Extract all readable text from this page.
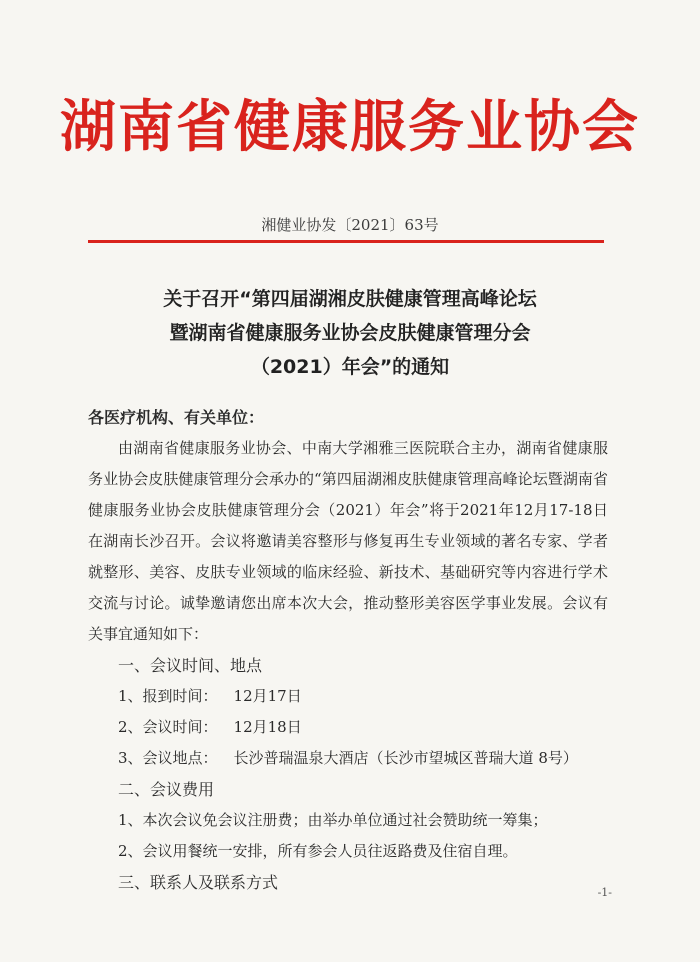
湖南省健康服务业协会
湘健业协发〔2021〕63号
关于召开“第四届湖湘皮肤健康管理高峰论坛
暨湖南省健康服务业协会皮肤健康管理分会
（2021）年会”的通知
各医疗机构、有关单位：

由湖南省健康服务业协会、中南大学湘雅三医院联合主办，湖南省健康服务业协会皮肤健康管理分会承办的“第四届湖湘皮肤健康管理高峰论坛暨湖南省健康服务业协会皮肤健康管理分会（2021）年会”将于2021年12月17-18日在湖南长沙召开。会议将邀请美容整形与修复再生专业领域的著名专家、学者就整形、美容、皮肤专业领域的临床经验、新技术、基础研究等内容进行学术交流与讨论。诚挚邀请您出席本次大会，推动整形美容医学事业发展。会议有关事宜通知如下：

一、会议时间、地点
1、报到时间： 12月17日
2、会议时间： 12月18日
3、会议地点： 长沙普瑞温泉大酒店（长沙市望城区普瑞大道 8号）
二、会议费用
1、本次会议免会议注册费；由举办单位通过社会赞助统一筹集；
2、会议用餐统一安排，所有参会人员往返路费及住宿自理。
三、联系人及联系方式
-1-
